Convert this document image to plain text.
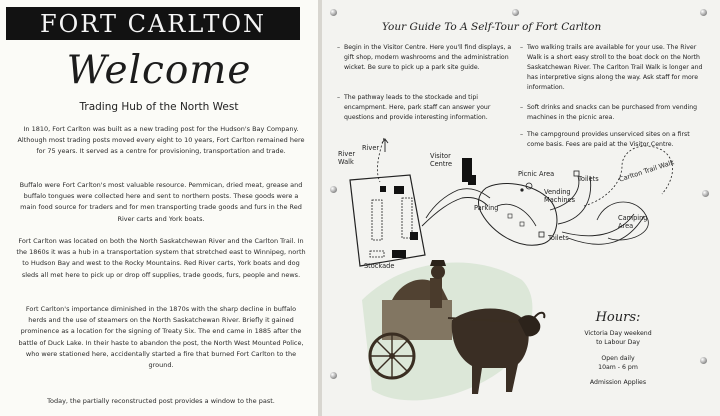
FORT CARLTON
Welcome
Trading Hub of the North West
In 1810, Fort Carlton was built as a new trading post for the Hudson's Bay Company. Although most trading posts moved every eight to 10 years, Fort Carlton remained here for 75 years. It served as a centre for provisioning, transportation and trade.
Buffalo were Fort Carlton's most valuable resource. Pemmican, dried meat, grease and buffalo tongues were collected here and sent to northern posts. These goods were a main food source for traders and for men transporting trade goods and furs in the Red River carts and York boats.
Fort Carlton was located on both the North Saskatchewan River and the Carlton Trail. In the 1860s it was a hub in a transportation system that stretched east to Winnipeg, north to Hudson Bay and west to the Rocky Mountains. Red River carts, York boats and dog sleds all met here to pick up or drop off supplies, trade goods, furs, people and news.
Fort Carlton's importance diminished in the 1870s with the sharp decline in buffalo herds and the use of steamers on the North Saskatchewan River. Briefly it gained prominence as a location for the signing of Treaty Six. The end came in 1885 after the battle of Duck Lake. In their haste to abandon the post, the North West Mounted Police, who were stationed here, accidentally started a fire that burned Fort Carlton to the ground.
Today, the partially reconstructed post provides a window to the past.
Your Guide To A Self-Tour of Fort Carlton
– Begin in the Visitor Centre. Here you'll find displays, a gift shop, modern washrooms and the administration wicket. Be sure to pick up a park site guide.
– The pathway leads to the stockade and tipi encampment. Here, park staff can answer your questions and provide interesting information.
– Two walking trails are available for your use. The River Walk is a short easy stroll to the boat dock on the North Saskatchewan River. The Carlton Trail Walk is longer and has interpretive signs along the way. Ask staff for more information.
– Soft drinks and snacks can be purchased from vending machines in the picnic area.
– The campground provides unserviced sites on a first come basis. Fees are paid at the Visitor Centre.
River Walk
River
Visitor Centre
Picnic Area
Toilets
Vending Machines
Parking
Toilets
Carlton Trail Walk
Camping Area
Stockade
Hours:
Victoria Day weekend
to Labour Day
Open daily
10am - 6 pm
Admission Applies
